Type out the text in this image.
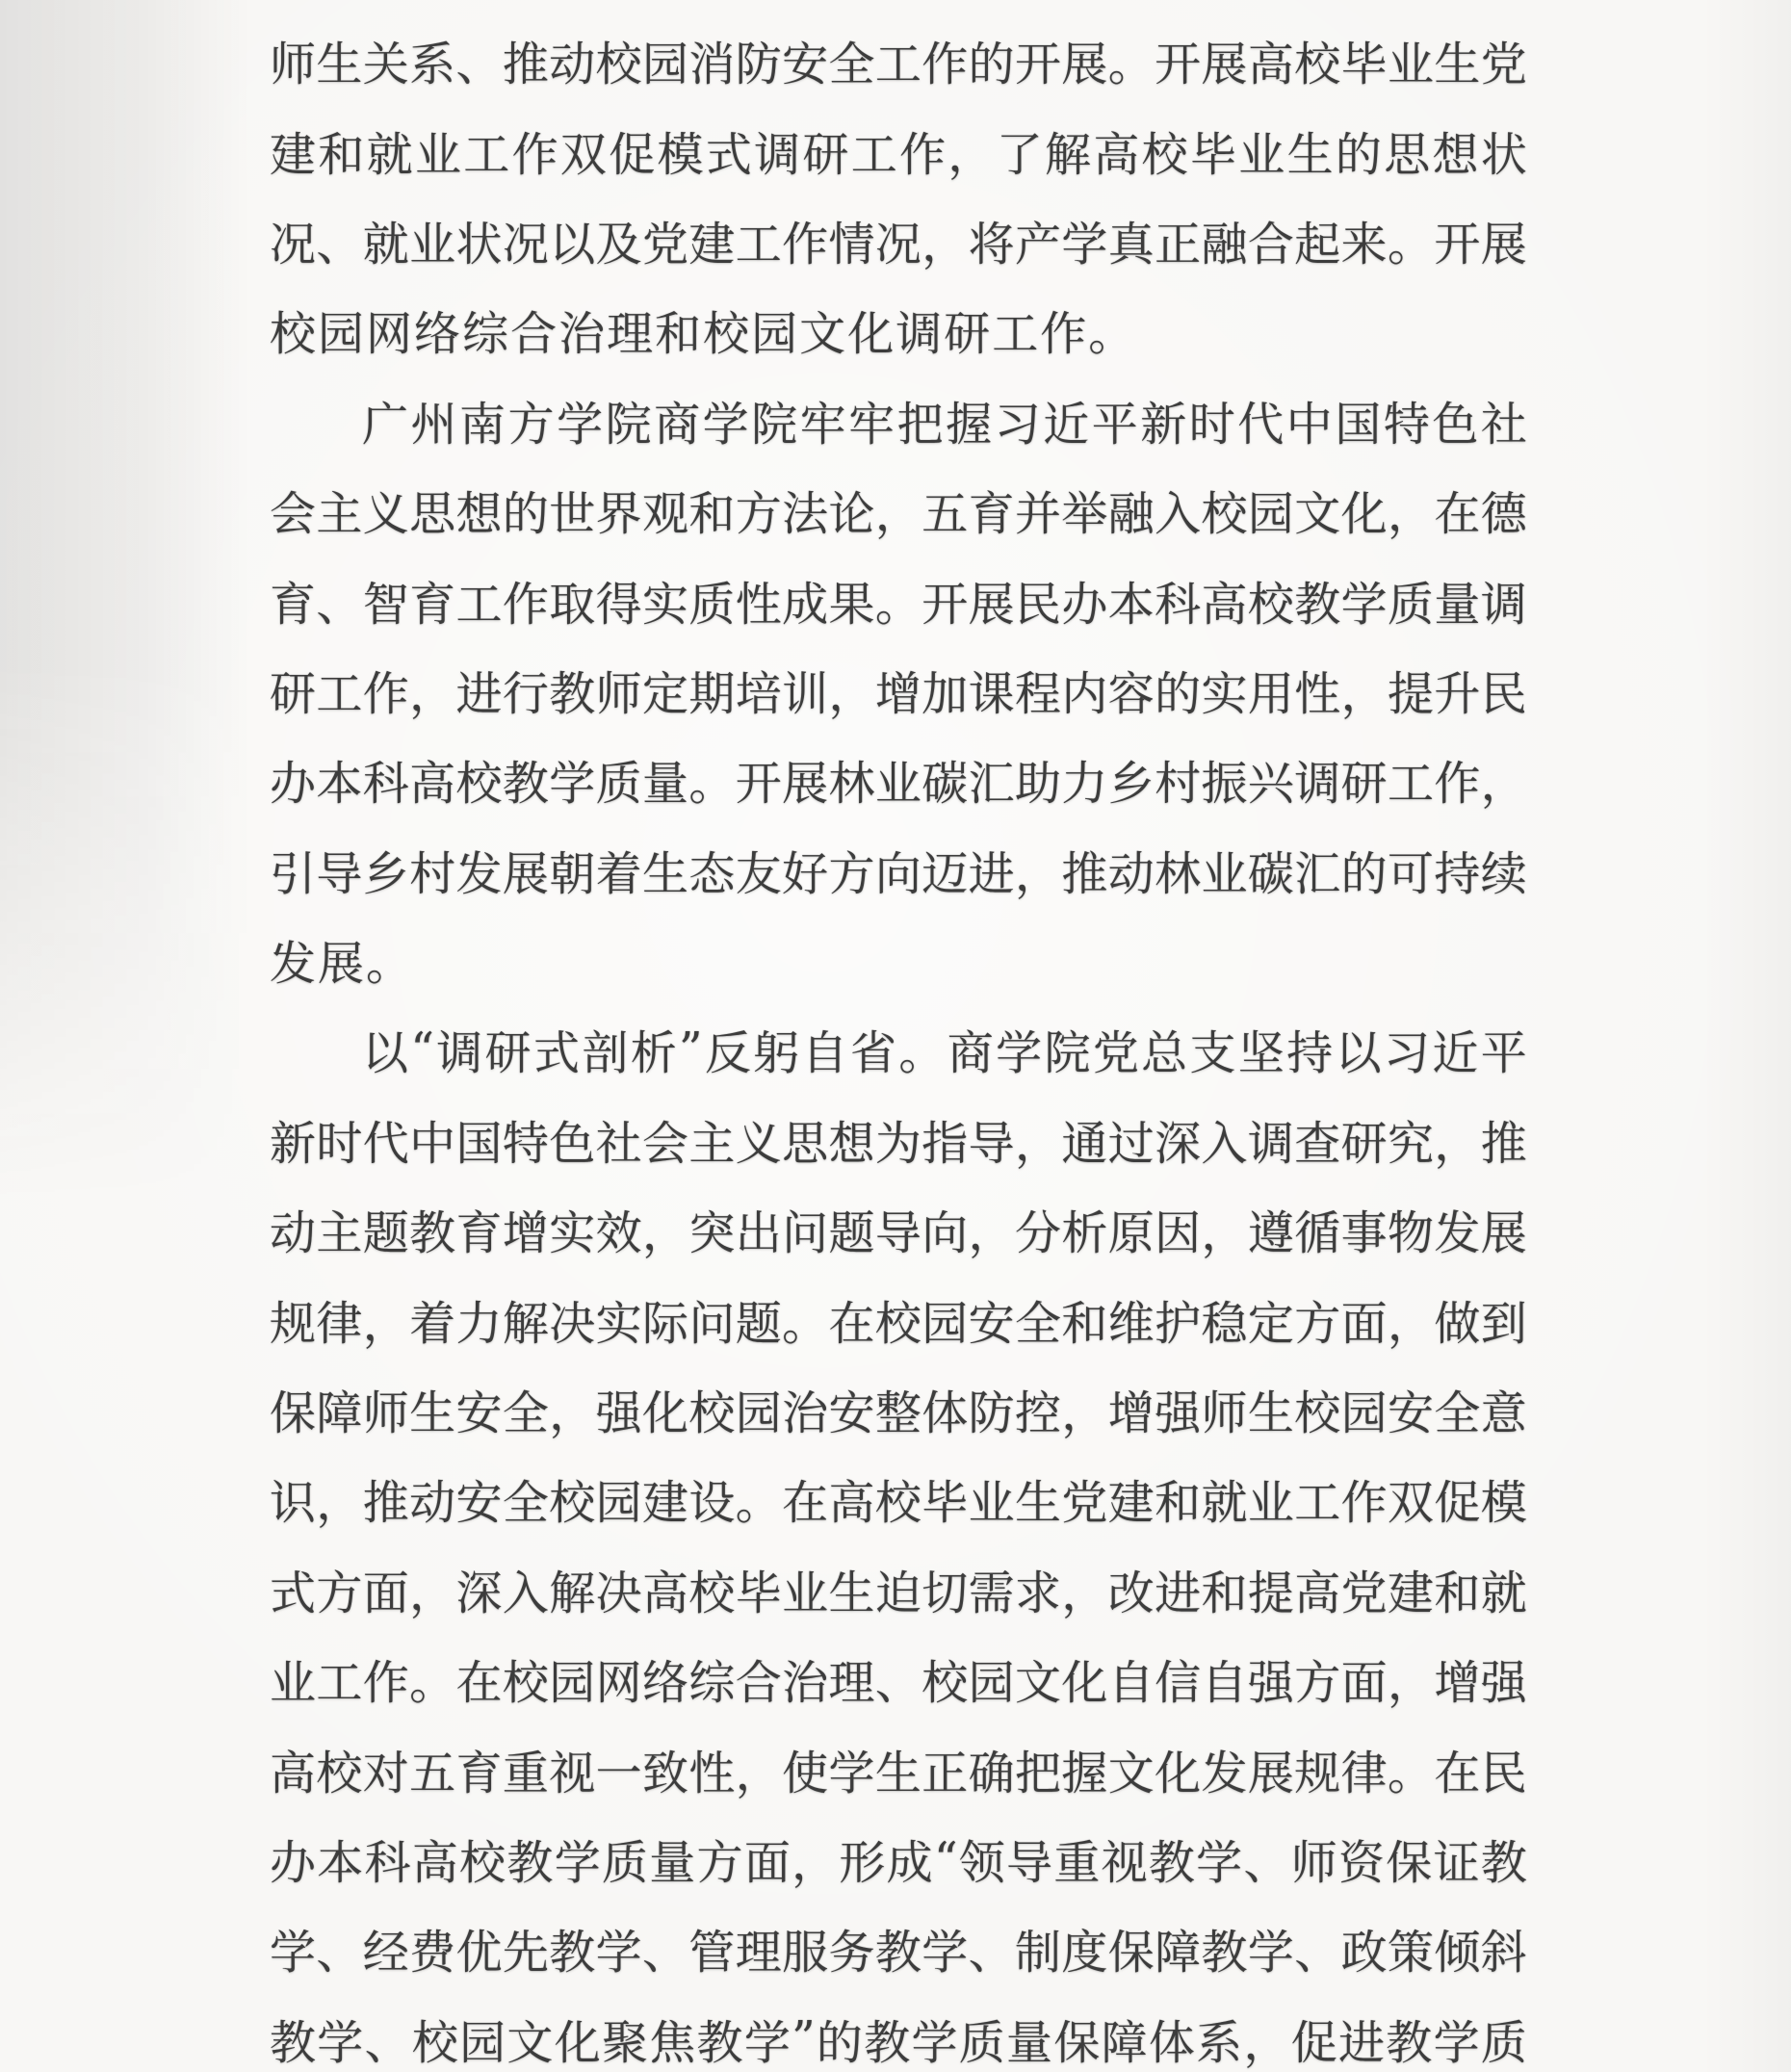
师 生 关 系 、 推 动 校 园 消 防 安 全 工 作 的 开 展 。 开 展 高 校 毕 业 生 党
建 和 就 业 工 作 双 促 模 式 调 研 工 作 ， 了 解 高 校 毕 业 生 的 思 想 状
况 、 就 业 状 况 以 及 党 建 工 作 情 况 ， 将 产 学 真 正 融 合 起 来 。 开 展
校 园 网 络 综 合 治 理 和 校 园 文 化 调 研 工 作 。
广 州 南 方 学 院 商 学 院 牢 牢 把 握 习 近 平 新 时 代 中 国 特 色 社
会 主 义 思 想 的 世 界 观 和 方 法 论 ， 五 育 并 举 融 入 校 园 文 化 ， 在 德
育 、 智 育 工 作 取 得 实 质 性 成 果 。 开 展 民 办 本 科 高 校 教 学 质 量 调
研 工 作 ， 进 行 教 师 定 期 培 训 ， 增 加 课 程 内 容 的 实 用 性 ， 提 升 民
办 本 科 高 校 教 学 质 量 。 开 展 林 业 碳 汇 助 力 乡 村 振 兴 调 研 工 作 ，
引 导 乡 村 发 展 朝 着 生 态 友 好 方 向 迈 进 ， 推 动 林 业 碳 汇 的 可 持 续
发 展 。
以 “ 调 研 式 剖 析 ” 反 躬 自 省 。 商 学 院 党 总 支 坚 持 以 习 近 平
新 时 代 中 国 特 色 社 会 主 义 思 想 为 指 导 ， 通 过 深 入 调 查 研 究 ， 推
动 主 题 教 育 增 实 效 ， 突 出 问 题 导 向 ， 分 析 原 因 ， 遵 循 事 物 发 展
规 律 ， 着 力 解 决 实 际 问 题 。 在 校 园 安 全 和 维 护 稳 定 方 面 ， 做 到
保 障 师 生 安 全 ， 强 化 校 园 治 安 整 体 防 控 ， 增 强 师 生 校 园 安 全 意
识 ， 推 动 安 全 校 园 建 设 。 在 高 校 毕 业 生 党 建 和 就 业 工 作 双 促 模
式 方 面 ， 深 入 解 决 高 校 毕 业 生 迫 切 需 求 ， 改 进 和 提 高 党 建 和 就
业 工 作 。 在 校 园 网 络 综 合 治 理 、 校 园 文 化 自 信 自 强 方 面 ， 增 强
高 校 对 五 育 重 视 一 致 性 ， 使 学 生 正 确 把 握 文 化 发 展 规 律 。 在 民
办 本 科 高 校 教 学 质 量 方 面 ， 形 成 “ 领 导 重 视 教 学 、 师 资 保 证 教
学 、 经 费 优 先 教 学 、 管 理 服 务 教 学 、 制 度 保 障 教 学 、 政 策 倾 斜
教 学 、 校 园 文 化 聚 焦 教 学 ” 的 教 学 质 量 保 障 体 系 ， 促 进 教 学 质
